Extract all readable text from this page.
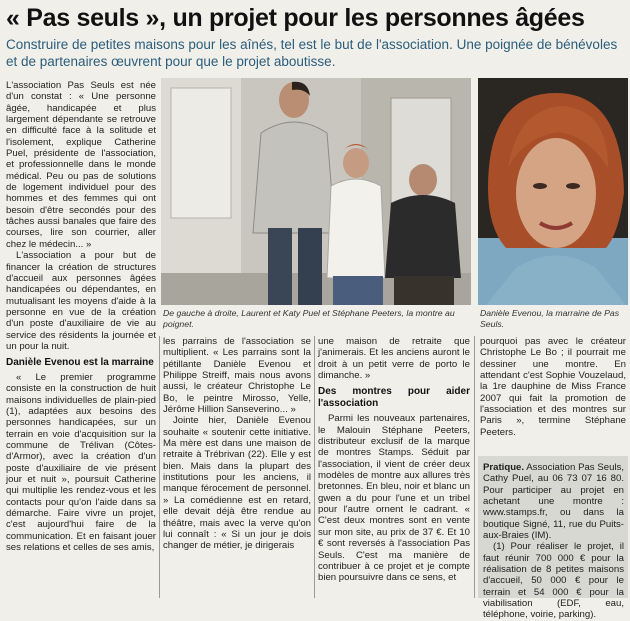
« Pas seuls », un projet pour les personnes âgées
Construire de petites maisons pour les aînés, tel est le but de l'association. Une poignée de bénévoles et de partenaires œuvrent pour que le projet aboutisse.

L'association Pas Seuls est née d'un constat : « Une personne âgée, handicapée et plus largement dépendante se retrouve en difficulté face à la solitude et l'isolement, explique Catherine Puel, présidente de l'association, et professionnelle dans le monde médical. Peu ou pas de solutions de logement individuel pour des hommes et des femmes qui ont besoin d'être secondés pour des tâches aussi banales que faire des courses, lire son courrier, aller chez le médecin... »

L'association a pour but de financer la création de structures d'accueil aux personnes âgées handicapées ou dépendantes, en mutualisant les moyens d'aide à la personne en vue de la création d'un poste d'auxiliaire de vie au service des résidents la journée et un pour la nuit.

De gauche à droite, Laurent et Katy Puel et Stéphane Peeters, la montre au poignet.
Danièle Evenou, la marraine de Pas Seuls.
Danièle Evenou est la marraine

« Le premier programme consiste en la construction de huit maisons individuelles de plain-pied (1), adaptées aux besoins des personnes handicapées, sur un terrain en voie d'acquisition sur la commune de Trélivan (Côtes-d'Armor), avec la création d'un poste d'auxiliaire de vie présent jour et nuit », poursuit Catherine qui multiplie les rendez-vous et les contacts pour qu'on l'aide dans sa démarche. Faire vivre un projet, c'est aujourd'hui faire de la communication. Et en faisant jouer ses relations et celles de ses amis,

les parrains de l'association se multiplient. « Les parrains sont la pétillante Danièle Evenou et Philippe Streiff, mais nous avons aussi, le créateur Christophe Le Bo, le peintre Mirosso, Yelle, Jérôme Hillion Sanseverino... »

Jointe hier, Danièle Evenou souhaite « soutenir cette initiative. Ma mère est dans une maison de retraite à Trébrivan (22). Elle y est bien. Mais dans la plupart des institutions pour les anciens, il manque férocement de personnel. » La comédienne est en retard, elle devait déjà être rendue au théâtre, mais avec la verve qu'on lui connaît : « Si un jour je dois changer de métier, je dirigerais

une maison de retraite que j'animerais. Et les anciens auront le droit à un petit verre de porto le dimanche. »

Des montres pour aider l'association

Parmi les nouveaux partenaires, le Malouin Stéphane Peeters, distributeur exclusif de la marque de montres Stamps. Séduit par l'association, il vient de créer deux modèles de montre aux allures très bretonnes. En bleu, noir et blanc un gwen a du pour l'une et un tribel pour l'autre ornent le cadrant. « C'est deux montres sont en vente sur mon site, au prix de 37 €. Et 10 € sont reversés à l'association Pas Seuls. C'est ma manière de contribuer à ce projet et je compte bien poursuivre dans ce sens, et

pourquoi pas avec le créateur Christophe Le Bo ; il pourrait me dessiner une montre. En attendant c'est Sophie Vouzelaud, la 1re dauphine de Miss France 2007 qui fait la promotion de l'association et des montres sur Paris », termine Stéphane Peeters.

Pratique. Association Pas Seuls, Cathy Puel, au 06 73 07 16 80. Pour participer au projet en achetant une montre : www.stamps.fr, ou dans la boutique Signé, 11, rue du Puits-aux-Braies (IM).

(1) Pour réaliser le projet, il faut réunir 700 000 € pour la réalisation de 8 petites maisons d'accueil, 50 000 € pour le terrain et 54 000 € pour la viabilisation (EDF, eau, téléphone, voirie, parking).
